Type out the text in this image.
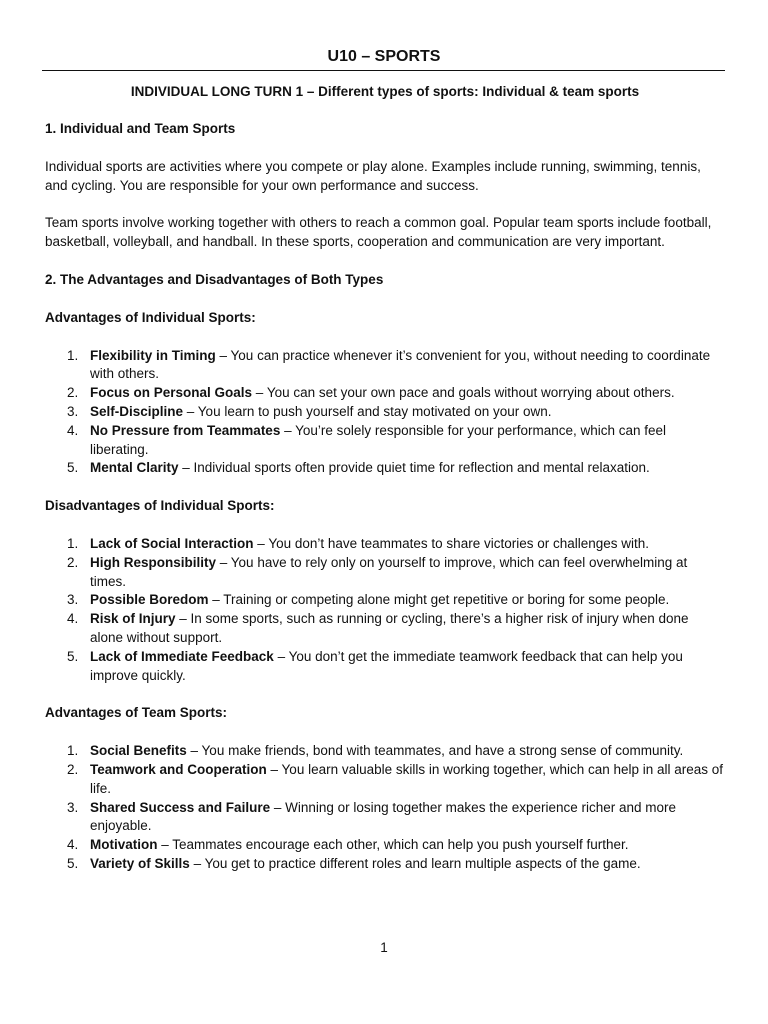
U10 – SPORTS
INDIVIDUAL LONG TURN 1 – Different types of sports: Individual & team sports

1. Individual and Team Sports

Individual sports are activities where you compete or play alone. Examples include running, swimming, tennis, and cycling. You are responsible for your own performance and success.

Team sports involve working together with others to reach a common goal. Popular team sports include football, basketball, volleyball, and handball. In these sports, cooperation and communication are very important.

2. The Advantages and Disadvantages of Both Types

Advantages of Individual Sports:

1. Flexibility in Timing – You can practice whenever it’s convenient for you, without needing to coordinate with others.
2. Focus on Personal Goals – You can set your own pace and goals without worrying about others.
3. Self-Discipline – You learn to push yourself and stay motivated on your own.
4. No Pressure from Teammates – You’re solely responsible for your performance, which can feel liberating.
5. Mental Clarity – Individual sports often provide quiet time for reflection and mental relaxation.

Disadvantages of Individual Sports:

1. Lack of Social Interaction – You don’t have teammates to share victories or challenges with.
2. High Responsibility – You have to rely only on yourself to improve, which can feel overwhelming at times.
3. Possible Boredom – Training or competing alone might get repetitive or boring for some people.
4. Risk of Injury – In some sports, such as running or cycling, there’s a higher risk of injury when done alone without support.
5. Lack of Immediate Feedback – You don’t get the immediate teamwork feedback that can help you improve quickly.

Advantages of Team Sports:

1. Social Benefits – You make friends, bond with teammates, and have a strong sense of community.
2. Teamwork and Cooperation – You learn valuable skills in working together, which can help in all areas of life.
3. Shared Success and Failure – Winning or losing together makes the experience richer and more enjoyable.
4. Motivation – Teammates encourage each other, which can help you push yourself further.
5. Variety of Skills – You get to practice different roles and learn multiple aspects of the game.
1
